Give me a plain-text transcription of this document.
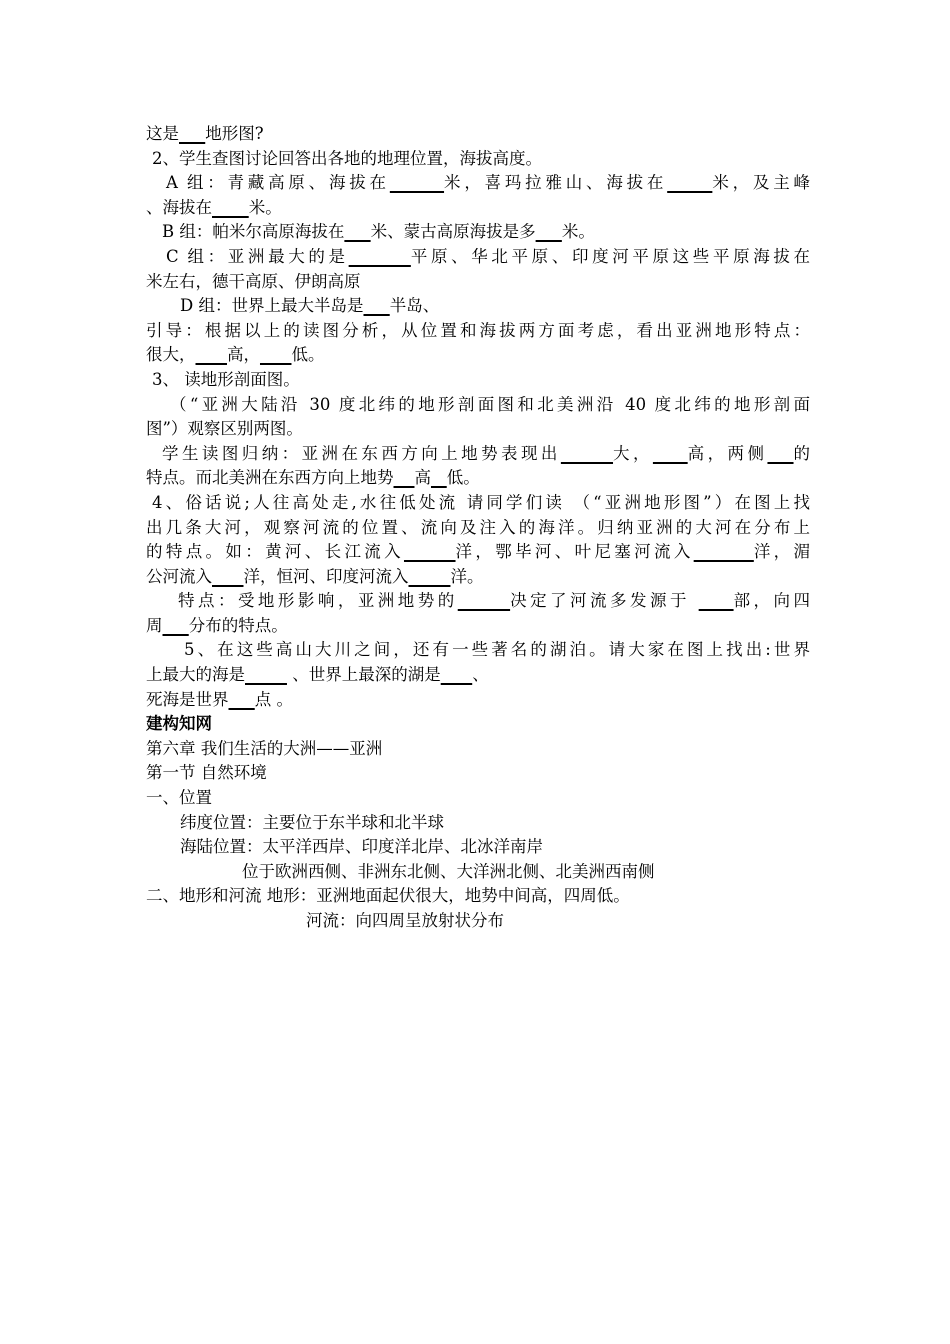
这是 地形图?
2、学生查图讨论回答出各地的地理位置，海拔高度。
A 组：青藏高原、海拔在	米，喜玛拉雅山、海拔在	米，及主峰
、海拔在 米。
B 组：帕米尔高原海拔在 米、蒙古高原海拔是多 米。
C 组：亚洲最大的是	平原、华北平原、印度河平原这些平原海拔在
米左右，德干高原、伊朗高原
D 组：世界上最大半岛是 半岛、
引导：根据以上的读图分析，从位置和海拔两方面考虑，看出亚洲地形特点：
很大， 高， 低。
3、 读地形剖面图。
（“亚洲大陆沿 30 度北纬的地形剖面图和北美洲沿 40 度北纬的地形剖面
图”）观察区别两图。
学生读图归纳：亚洲在东西方向上地势表现出	大， 高，两侧 的
特点。而北美洲在东西方向上地势 高 低。
4、俗话说;人往高处走,水往低处流 请同学们读 （“亚洲地形图”）在图上找
出几条大河，观察河流的位置、流向及注入的海洋。归纳亚洲的大河在分布上
的特点。如：黄河、长江流入	洋，鄂毕河、叶尼塞河流入	洋，湄
公河流入 洋，恒河、印度河流入	洋。
特点：受地形影响，亚洲地势的	决定了河流多发源于     部，向四
周 分布的特点。
5、在这些高山大川之间，还有一些著名的湖泊。请大家在图上找出:世界
上最大的海是	、世界上最深的湖是 、
死海是世界 点 。
建构知网
第六章 我们生活的大洲——亚洲
第一节 自然环境
一、位置
纬度位置：主要位于东半球和北半球
海陆位置：太平洋西岸、印度洋北岸、北冰洋南岸
位于欧洲西侧、非洲东北侧、大洋洲北侧、北美洲西南侧
二、地形和河流 地形：亚洲地面起伏很大，地势中间高，四周低。
河流：向四周呈放射状分布
